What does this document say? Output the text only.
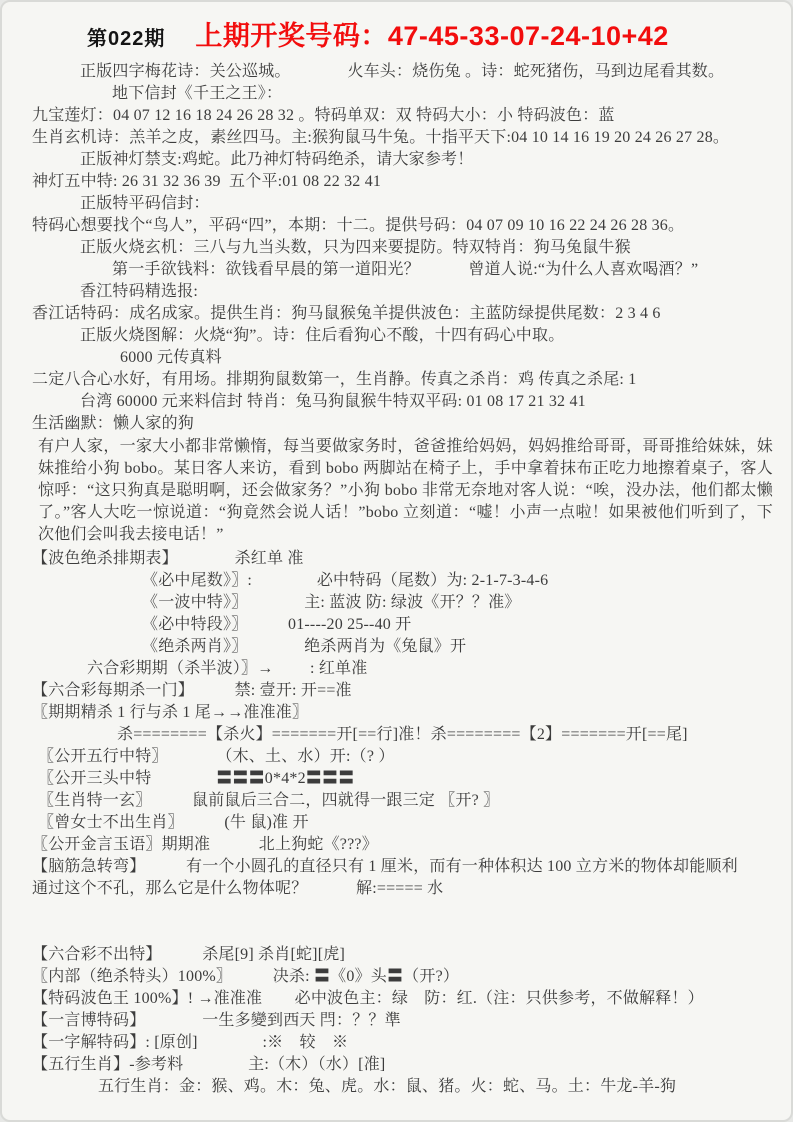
第022期 上期开奖号码：47-45-33-07-24-10+42
正版四字梅花诗：关公巡城。　　　　火车头：烧伤兔 。诗：蛇死猪伤，马到边尾看其数。
地下信封《千王之王》：
九宝莲灯：04 07 12 16 18 24 26 28 32 。特码单双：双 特码大小：小 特码波色：蓝
生肖玄机诗：羔羊之皮，素丝四马。主:猴狗鼠马牛兔。十指平天下:04 10 14 16 19 20 24 26 27 28。
正版神灯禁支:鸡蛇。此乃神灯特码绝杀，请大家参考！
神灯五中特: 26 31 32 36 39  五个平:01 08 22 32 41
正版特平码信封：
特码心想要找个“鸟人”，平码“四”，本期：十二。提供号码：04 07 09 10 16 22 24 26 28 36。
正版火烧玄机：三八与九当头数，只为四来要提防。特双特肖：狗马兔鼠牛猴
第一手欲钱料：欲钱看早晨的第一道阳光？　　　曾道人说:“为什么人喜欢喝酒？”
香江特码精选报:
香江话特码：成名成家。提供生肖：狗马鼠猴兔羊提供波色：主蓝防绿提供尾数：2 3 4 6
正版火烧图解：火烧“狗”。诗：住后看狗心不酸，十四有码心中取。
6000 元传真料
二定八合心水好，有用场。排期狗鼠数第一，生肖静。传真之杀肖：鸡 传真之杀尾: 1
台湾 60000 元来料信封 特肖：兔马狗鼠猴牛特双平码: 01 08 17 21 32 41
生活幽默：懒人家的狗
有户人家，一家大小都非常懒惰，每当要做家务时，爸爸推给妈妈，妈妈推给哥哥，哥哥推给妹妹，妹妹推给小狗 bobo。某日客人来访，看到 bobo 两脚站在椅子上，手中拿着抹布正吃力地擦着桌子，客人惊呼：“这只狗真是聪明啊，还会做家务？”小狗 bobo 非常无奈地对客人说：“唉，没办法，他们都太懒了。”客人大吃一惊说道：“狗竟然会说人话！”bobo 立刻道：“嘘！小声一点啦！如果被他们听到了，下次他们会叫我去接电话！”
【波色绝杀排期表】　　　　杀红单 准
《必中尾数》〗:　　　　必中特码（尾数）为: 2-1-7-3-4-6
《一波中特》〗　　　　主: 蓝波 防: 绿波《开？？准》
《必中特段》〗　　　01----20 25--40 开
《绝杀两肖》〗　　　　绝杀两肖为《兔鼠》开
六合彩期期（杀半波）〗→　　 : 红单准
【六合彩每期杀一门】　　　禁: 壹开: 开==准
〖期期精杀 1 行与杀 1 尾→→准准准〗
杀========【杀火】=======开[==行]准！杀========【2】=======开[==尾]
〖公开五行中特〗　　　　（木、土、水）开:（? ）
〖公开三头中特　　　　〓〓〓0*4*2〓〓〓
〖生肖特一玄〗　　　鼠前鼠后三合二，四就得一跟三定 〖开? 〗
〖曾女士不出生肖〗　　　(牛 鼠)准 开
〖公开金言玉语〗期期准　　　北上狗蛇《???》
【脑筋急转弯】　　　有一个小圆孔的直径只有 1 厘米，而有一种体积达 100 立方米的物体却能顺利
通过这个不孔，那么它是什么物体呢？　　　解:===== 水
【六合彩不出特】　　　杀尾[9] 杀肖[蛇][虎]
〖内部（绝杀特头）100%〗　　　决杀: 〓《0》头〓（开?）
【特码波色王 100%】! →准准准　　必中波色主：绿　防：红.（注：只供参考，不做解释！）
【一言博特码】　　　　一生多變到西天 閂：？？準
【一字解特码】: [原创]　　　　:※　较　※
【五行生肖】-参考料　　　　主:（木）（水）[准]
五行生肖：金：猴、鸡。木：兔、虎。水：鼠、猪。火：蛇、马。土：牛龙-羊-狗
